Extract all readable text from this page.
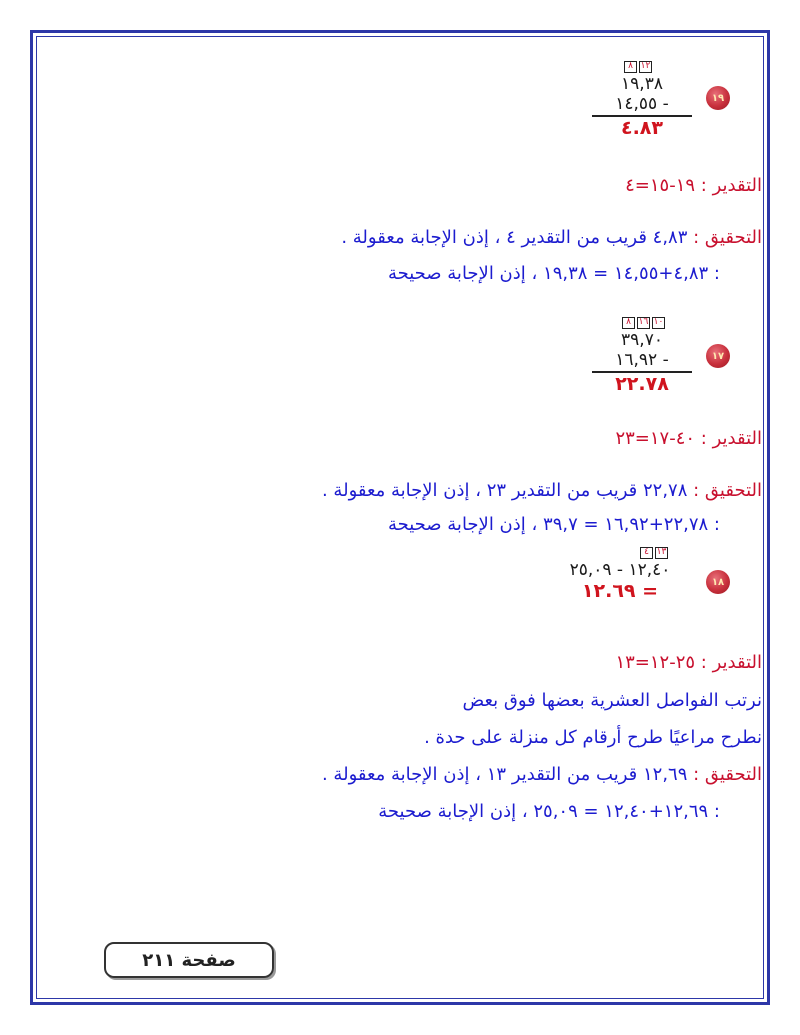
١٩
٨ ١٢
١٩,٣٨
١٤,٥٥ -
٤.٨٣
التقدير : ١٩-١٥=٤
التحقيق : ٤,٨٣ قريب من التقدير ٤ ، إذن الإجابة معقولة .
: ٤,٨٣+١٤,٥٥ = ١٩,٣٨ ، إذن الإجابة صحيحة
١٧
٨ ١٦ ١٠
٣٩,٧٠
١٦,٩٢ -
٢٢.٧٨
التقدير : ٤٠-١٧=٢٣
التحقيق : ٢٢,٧٨ قريب من التقدير ٢٣ ، إذن الإجابة معقولة .
: ٢٢,٧٨+١٦,٩٢ = ٣٩,٧ ، إذن الإجابة صحيحة
١٨
٤ ١٣
١٢,٤٠ - ٢٥,٠٩
١٢.٦٩ =
التقدير : ٢٥-١٢=١٣
نرتب الفواصل العشرية بعضها فوق بعض
نطرح مراعيًا طرح أرقام كل منزلة على حدة .
التحقيق : ١٢,٦٩ قريب من التقدير ١٣ ، إذن الإجابة معقولة .
: ١٢,٦٩+١٢,٤٠ = ٢٥,٠٩ ، إذن الإجابة صحيحة
صفحة ٢١١
